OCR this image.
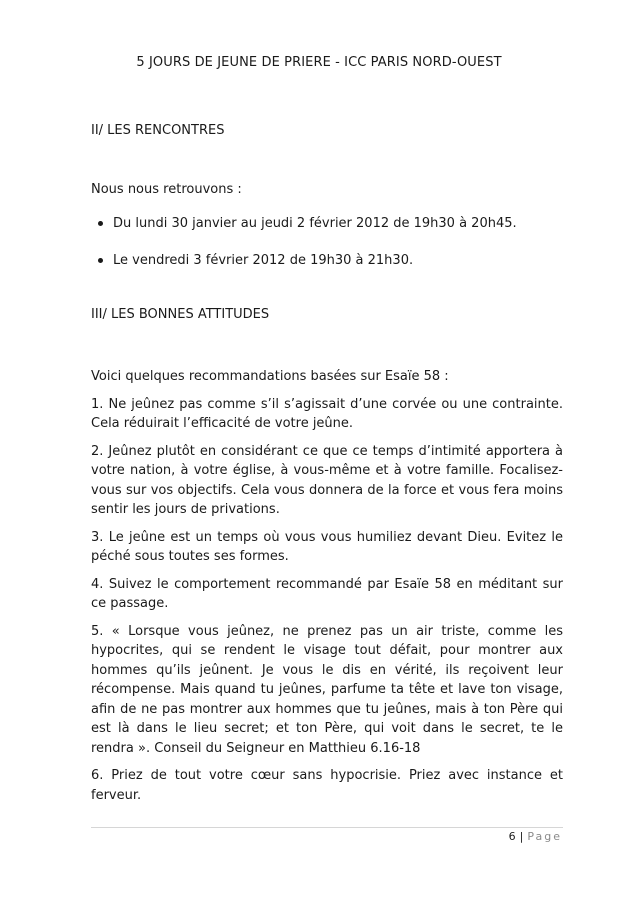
5 JOURS DE JEUNE DE PRIERE - ICC PARIS NORD-OUEST

II/ LES RENCONTRES

Nous nous retrouvons :

Du lundi 30 janvier au jeudi 2 février 2012 de 19h30 à 20h45.
Le vendredi 3 février 2012 de 19h30 à 21h30.

III/ LES BONNES ATTITUDES

Voici quelques recommandations basées sur Esaïe 58 :

1. Ne jeûnez pas comme s’il s’agissait d’une corvée ou une contrainte. Cela réduirait l’efficacité de votre jeûne.

2. Jeûnez plutôt en considérant ce que ce temps d’intimité apportera à votre nation, à votre église, à vous-même et à votre famille. Focalisez-vous sur vos objectifs. Cela vous donnera de la force et vous fera moins sentir les jours de privations.

3. Le jeûne est un temps où vous vous humiliez devant Dieu. Evitez le péché sous toutes ses formes.

4. Suivez le comportement recommandé par Esaïe 58 en méditant sur ce passage.

5. « Lorsque vous jeûnez, ne prenez pas un air triste, comme les hypocrites, qui se rendent le visage tout défait, pour montrer aux hommes qu’ils jeûnent. Je vous le dis en vérité, ils reçoivent leur récompense. Mais quand tu jeûnes, parfume ta tête et lave ton visage, afin de ne pas montrer aux hommes que tu jeûnes, mais à ton Père qui est là dans le lieu secret; et ton Père, qui voit dans le secret, te le rendra ». Conseil du Seigneur en Matthieu 6.16-18

6. Priez de tout votre cœur sans hypocrisie. Priez avec instance et ferveur.

6 | Page
